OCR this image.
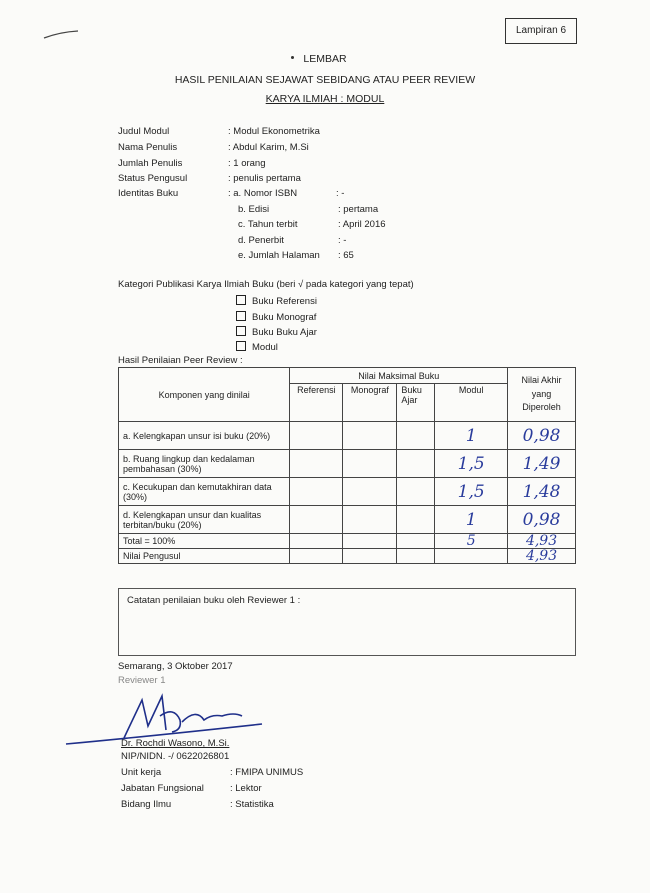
Lampiran 6
LEMBAR
HASIL PENILAIAN SEJAWAT SEBIDANG ATAU PEER REVIEW
KARYA ILMIAH : MODUL
Judul Modul	: Modul Ekonometrika
Nama Penulis	: Abdul Karim, M.Si
Jumlah Penulis	: 1 orang
Status Pengusul	: penulis pertama
Identitas Buku	: a. Nomor ISBN	: -
b. Edisi	: pertama
c. Tahun terbit	: April 2016
d. Penerbit	: -
e. Jumlah Halaman : 65
Kategori Publikasi Karya Ilmiah Buku (beri √ pada kategori yang tepat)
Buku Referensi
Buku Monograf
Buku Buku Ajar
Modul
Hasil Penilaian Peer Review :
Komponen yang dinilai	Nilai Maksimal Buku				Nilai Akhir yang Diperoleh
	Referensi	Monograf	Buku Ajar	Modul	
a. Kelengkapan unsur isi buku (20%)				1	0,98
b. Ruang lingkup dan kedalaman pembahasan (30%)				1,5	1,49
c. Kecukupan dan kemutakhiran data (30%)				1,5	1,48
d. Kelengkapan unsur dan kualitas terbitan/buku (20%)				1	0,98
Total = 100%				5	4,93
Nilai Pengusul					4,93
Catatan penilaian buku oleh Reviewer 1 :
Semarang, 3 Oktober 2017
Reviewer 1
Dr. Rochdi Wasono, M.Si.
NIP/NIDN. -/ 0622026801
Unit kerja	: FMIPA UNIMUS
Jabatan Fungsional	: Lektor
Bidang Ilmu	: Statistika
